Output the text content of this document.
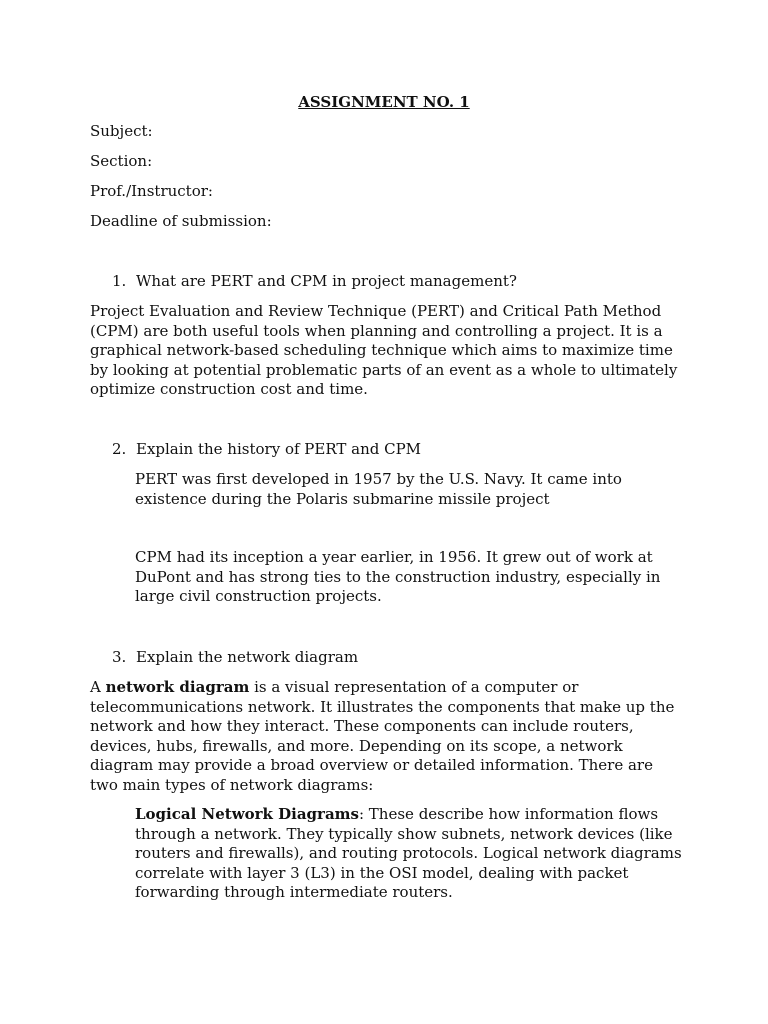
ASSIGNMENT NO. 1
Subject:
Section:
Prof./Instructor:
Deadline of submission:
1. What are PERT and CPM in project management?
Project Evaluation and Review Technique (PERT) and Critical Path Method (CPM) are both useful tools when planning and controlling a project. It is a graphical network-based scheduling technique which aims to maximize time by looking at potential problematic parts of an event as a whole to ultimately optimize construction cost and time.
2. Explain the history of PERT and CPM
PERT was first developed in 1957 by the U.S. Navy. It came into existence during the Polaris submarine missile project
CPM had its inception a year earlier, in 1956. It grew out of work at DuPont and has strong ties to the construction industry, especially in large civil construction projects.
3. Explain the network diagram
A network diagram is a visual representation of a computer or telecommunications network. It illustrates the components that make up the network and how they interact. These components can include routers, devices, hubs, firewalls, and more. Depending on its scope, a network diagram may provide a broad overview or detailed information. There are two main types of network diagrams:
Logical Network Diagrams: These describe how information flows through a network. They typically show subnets, network devices (like routers and firewalls), and routing protocols. Logical network diagrams correlate with layer 3 (L3) in the OSI model, dealing with packet forwarding through intermediate routers.
